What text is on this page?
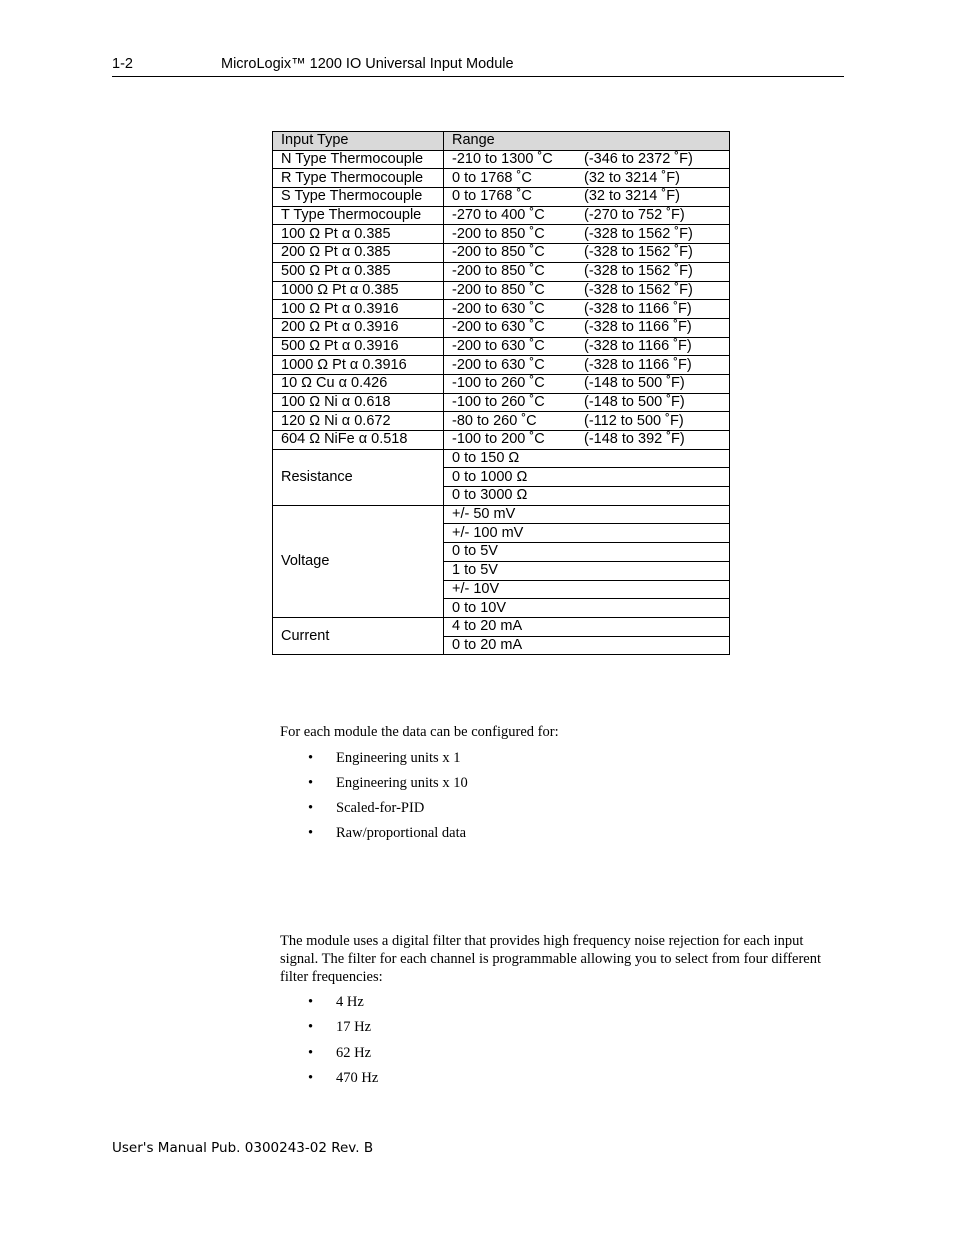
1-2	MicroLogix™ 1200 IO Universal Input Module
Input Type	Range
N Type Thermocouple	-210 to 1300 ˚C (-346 to 2372 ˚F)
R Type Thermocouple	0 to 1768 ˚C (32 to 3214 ˚F)
S Type Thermocouple	0 to 1768 ˚C (32 to 3214 ˚F)
T Type Thermocouple	-270 to 400 ˚C (-270 to 752 ˚F)
100 Ω Pt α 0.385	-200 to 850 ˚C (-328 to 1562 ˚F)
200 Ω Pt α 0.385	-200 to 850 ˚C (-328 to 1562 ˚F)
500 Ω Pt α 0.385	-200 to 850 ˚C (-328 to 1562 ˚F)
1000 Ω Pt α 0.385	-200 to 850 ˚C (-328 to 1562 ˚F)
100 Ω Pt α 0.3916	-200 to 630 ˚C (-328 to 1166 ˚F)
200 Ω Pt α 0.3916	-200 to 630 ˚C (-328 to 1166 ˚F)
500 Ω Pt α 0.3916	-200 to 630 ˚C (-328 to 1166 ˚F)
1000 Ω Pt α 0.3916	-200 to 630 ˚C (-328 to 1166 ˚F)
10 Ω Cu α 0.426	-100 to 260 ˚C (-148 to 500 ˚F)
100 Ω Ni α 0.618	-100 to 260 ˚C (-148 to 500 ˚F)
120 Ω Ni α 0.672	-80 to 260 ˚C (-112 to 500 ˚F)
604 Ω NiFe α 0.518	-100 to 200 ˚C (-148 to 392 ˚F)
Resistance	0 to 150 Ω
	0 to 1000 Ω
	0 to 3000 Ω
Voltage	+/- 50 mV
	+/- 100 mV
	0 to 5V
	1 to 5V
	+/- 10V
	0 to 10V
Current	4 to 20 mA
	0 to 20 mA
For each module the data can be configured for:
• Engineering units x 1
• Engineering units x 10
• Scaled-for-PID
• Raw/proportional data
The module uses a digital filter that provides high frequency noise rejection for each input signal. The filter for each channel is programmable allowing you to select from four different filter frequencies:
• 4 Hz
• 17 Hz
• 62 Hz
• 470 Hz
User's Manual Pub. 0300243-02 Rev. B
